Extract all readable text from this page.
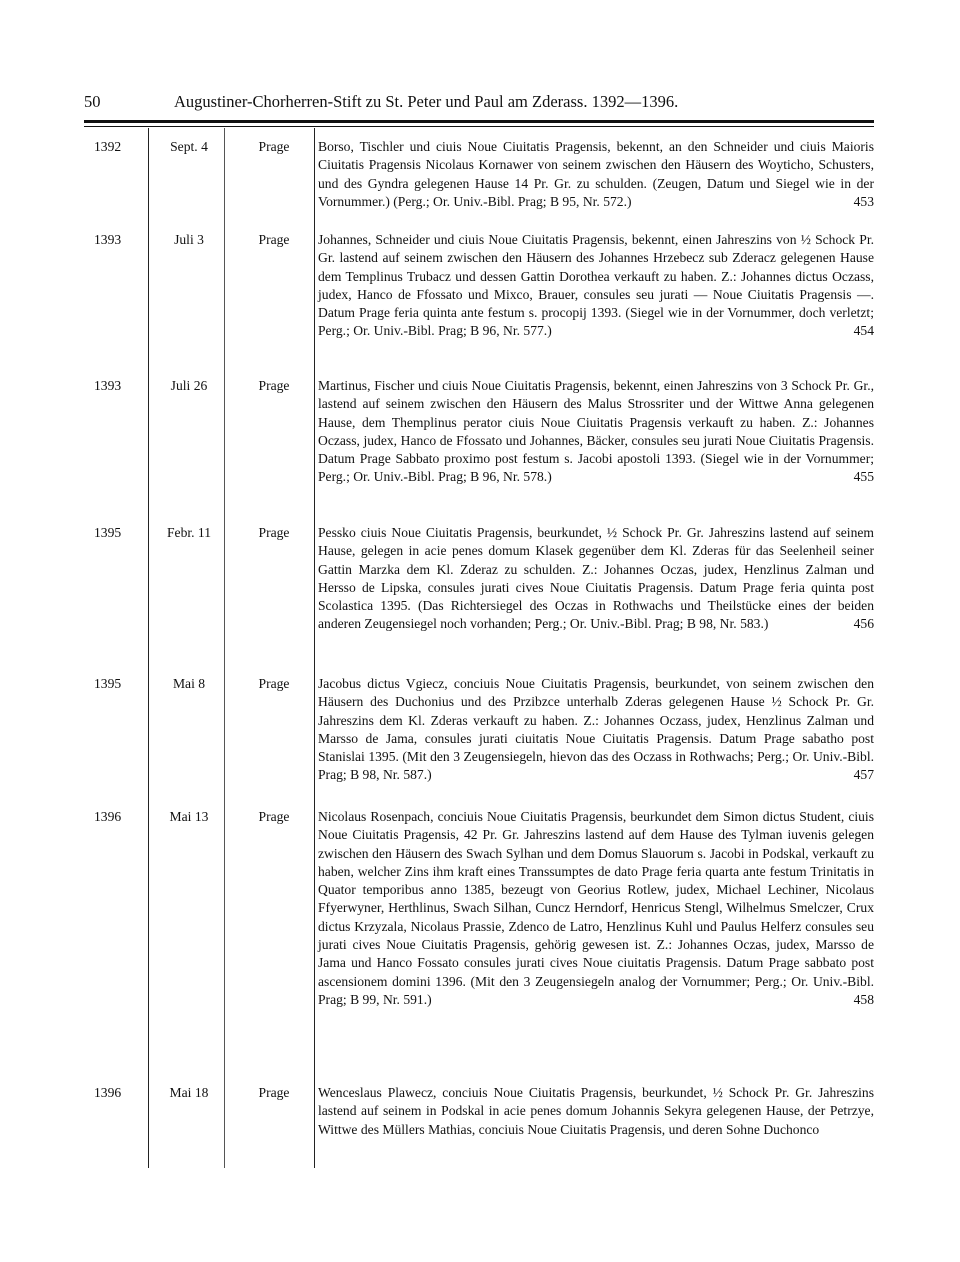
50	Augustiner-Chorherren-Stift zu St. Peter und Paul am Zderass. 1392—1396.
1392	Sept. 4	Prage	Borso, Tischler und ciuis Noue Ciuitatis Pragensis, bekennt, an den Schneider und ciuis Maioris Ciuitatis Pragensis Nicolaus Kornawer von seinem zwischen den Häusern des Woyticho, Schusters, und des Gyndra gelegenen Hause 14 Pr. Gr. zu schulden. (Zeugen, Datum und Siegel wie in der Vornummer.) (Perg.; Or. Univ.-Bibl. Prag; B 95, Nr. 572.)	453

1393	Juli 3	Prage	Johannes, Schneider und ciuis Noue Ciuitatis Pragensis, bekennt, einen Jahreszins von ½ Schock Pr. Gr. lastend auf seinem zwischen den Häusern des Johannes Hrzebecz sub Zderacz gelegenen Hause dem Templinus Trubacz und dessen Gattin Dorothea verkauft zu haben. Z.: Johannes dictus Oczass, judex, Hanco de Ffossato und Mixco, Brauer, consules seu jurati — Noue Ciuitatis Pragensis —. Datum Prage feria quinta ante festum s. procopij 1393. (Siegel wie in der Vornummer, doch verletzt; Perg.; Or. Univ.-Bibl. Prag; B 96, Nr. 577.)	454

1393	Juli 26	Prage	Martinus, Fischer und ciuis Noue Ciuitatis Pragensis, bekennt, einen Jahreszins von 3 Schock Pr. Gr., lastend auf seinem zwischen den Häusern des Malus Strossriter und der Wittwe Anna gelegenen Hause, dem Themplinus perator ciuis Noue Ciuitatis Pragensis verkauft zu haben. Z.: Johannes Oczass, judex, Hanco de Ffossato und Johannes, Bäcker, consules seu jurati Noue Ciuitatis Pragensis. Datum Prage Sabbato proximo post festum s. Jacobi apostoli 1393. (Siegel wie in der Vornummer; Perg.; Or. Univ.-Bibl. Prag; B 96, Nr. 578.)	455

1395	Febr. 11	Prage	Pessko ciuis Noue Ciuitatis Pragensis, beurkundet, ½ Schock Pr. Gr. Jahreszins lastend auf seinem Hause, gelegen in acie penes domum Klasek gegenüber dem Kl. Zderas für das Seelenheil seiner Gattin Marzka dem Kl. Zderaz zu schulden. Z.: Johannes Oczas, judex, Henzlinus Zalman und Hersso de Lipska, consules jurati cives Noue Ciuitatis Pragensis. Datum Prage feria quinta post Scolastica 1395. (Das Richtersiegel des Oczas in Rothwachs und Theilstücke eines der beiden anderen Zeugensiegel noch vorhanden; Perg.; Or. Univ.-Bibl. Prag; B 98, Nr. 583.)	456

1395	Mai 8	Prage	Jacobus dictus Vgiecz, conciuis Noue Ciuitatis Pragensis, beurkundet, von seinem zwischen den Häusern des Duchonius und des Przibzce unterhalb Zderas gelegenen Hause ½ Schock Pr. Gr. Jahreszins dem Kl. Zderas verkauft zu haben. Z.: Johannes Oczass, judex, Henzlinus Zalman und Marsso de Jama, consules jurati ciuitatis Noue Ciuitatis Pragensis. Datum Prage sabatho post Stanislai 1395. (Mit den 3 Zeugensiegeln, hievon das des Oczass in Rothwachs; Perg.; Or. Univ.-Bibl. Prag; B 98, Nr. 587.)	457

1396	Mai 13	Prage	Nicolaus Rosenpach, conciuis Noue Ciuitatis Pragensis, beurkundet dem Simon dictus Student, ciuis Noue Ciuitatis Pragensis, 42 Pr. Gr. Jahreszins lastend auf dem Hause des Tylman iuvenis gelegen zwischen den Häusern des Swach Sylhan und dem Domus Slauorum s. Jacobi in Podskal, verkauft zu haben, welcher Zins ihm kraft eines Transsumptes de dato Prage feria quarta ante festum Trinitatis in Quator temporibus anno 1385, bezeugt von Georius Rotlew, judex, Michael Lechiner, Nicolaus Ffyerwyner, Herthlinus, Swach Silhan, Cuncz Herndorf, Henricus Stengl, Wilhelmus Smelczer, Crux dictus Krzyzala, Nicolaus Prassie, Zdenco de Latro, Henzlinus Kuhl und Paulus Helferz consules seu jurati cives Noue Ciuitatis Pragensis, gehörig gewesen ist. Z.: Johannes Oczas, judex, Marsso de Jama und Hanco Fossato consules jurati cives Noue ciuitatis Pragensis. Datum Prage sabbato post ascensionem domini 1396. (Mit den 3 Zeugensiegeln analog der Vornummer; Perg.; Or. Univ.-Bibl. Prag; B 99, Nr. 591.)	458

1396	Mai 18	Prage	Wenceslaus Plawecz, conciuis Noue Ciuitatis Pragensis, beurkundet, ½ Schock Pr. Gr. Jahreszins lastend auf seinem in Podskal in acie penes domum Johannis Sekyra gelegenen Hause, der Petrzye, Wittwe des Müllers Mathias, conciuis Noue Ciuitatis Pragensis, und deren Sohne Duchonco
